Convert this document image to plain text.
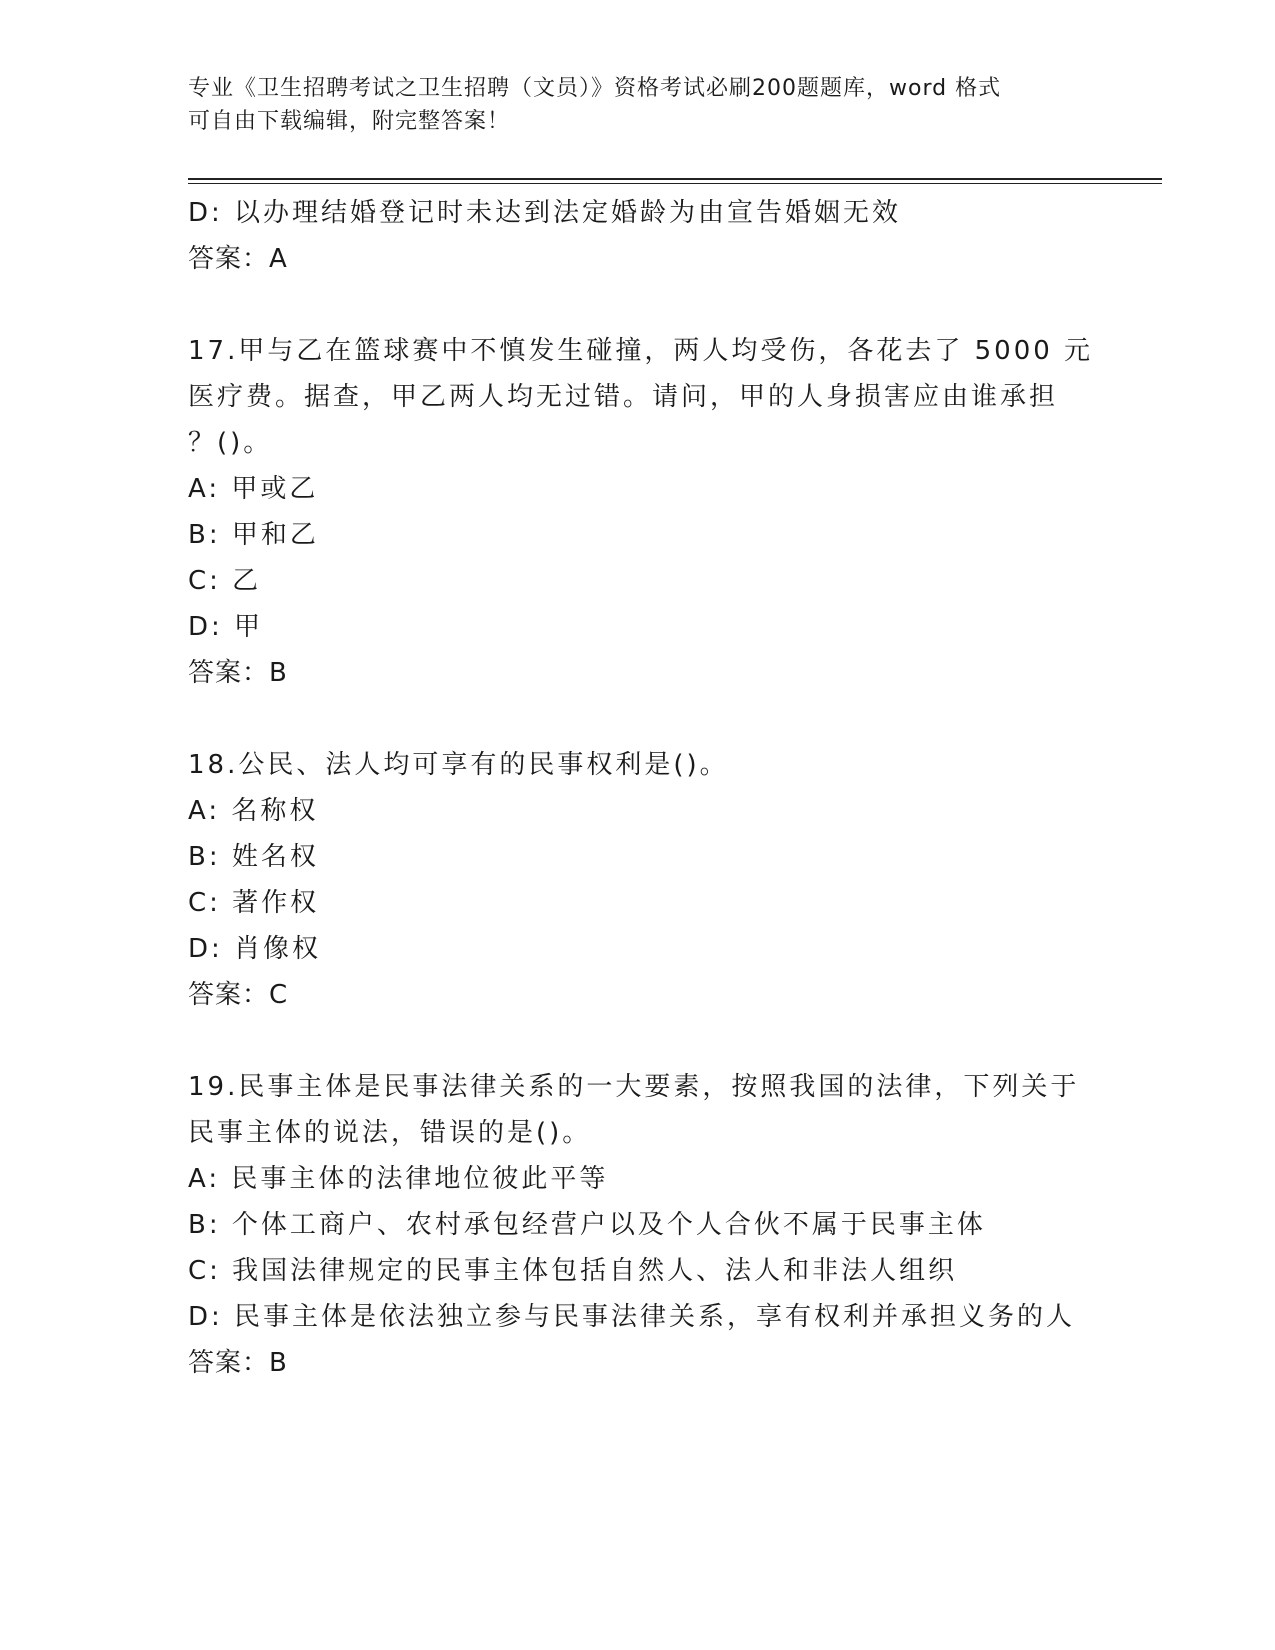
专业《卫生招聘考试之卫生招聘（文员）》资格考试必刷200题题库，word 格式
可自由下载编辑，附完整答案！
D: 以办理结婚登记时未达到法定婚龄为由宣告婚姻无效
答案：A
17.甲与乙在篮球赛中不慎发生碰撞，两人均受伤，各花去了 5000 元
医疗费。据查，甲乙两人均无过错。请问，甲的人身损害应由谁承担
？()。
A: 甲或乙
B: 甲和乙
C: 乙
D: 甲
答案：B
18.公民、法人均可享有的民事权利是()。
A: 名称权
B: 姓名权
C: 著作权
D: 肖像权
答案：C
19.民事主体是民事法律关系的一大要素，按照我国的法律，下列关于
民事主体的说法，错误的是()。
A: 民事主体的法律地位彼此平等
B: 个体工商户、农村承包经营户以及个人合伙不属于民事主体
C: 我国法律规定的民事主体包括自然人、法人和非法人组织
D: 民事主体是依法独立参与民事法律关系，享有权利并承担义务的人
答案：B
